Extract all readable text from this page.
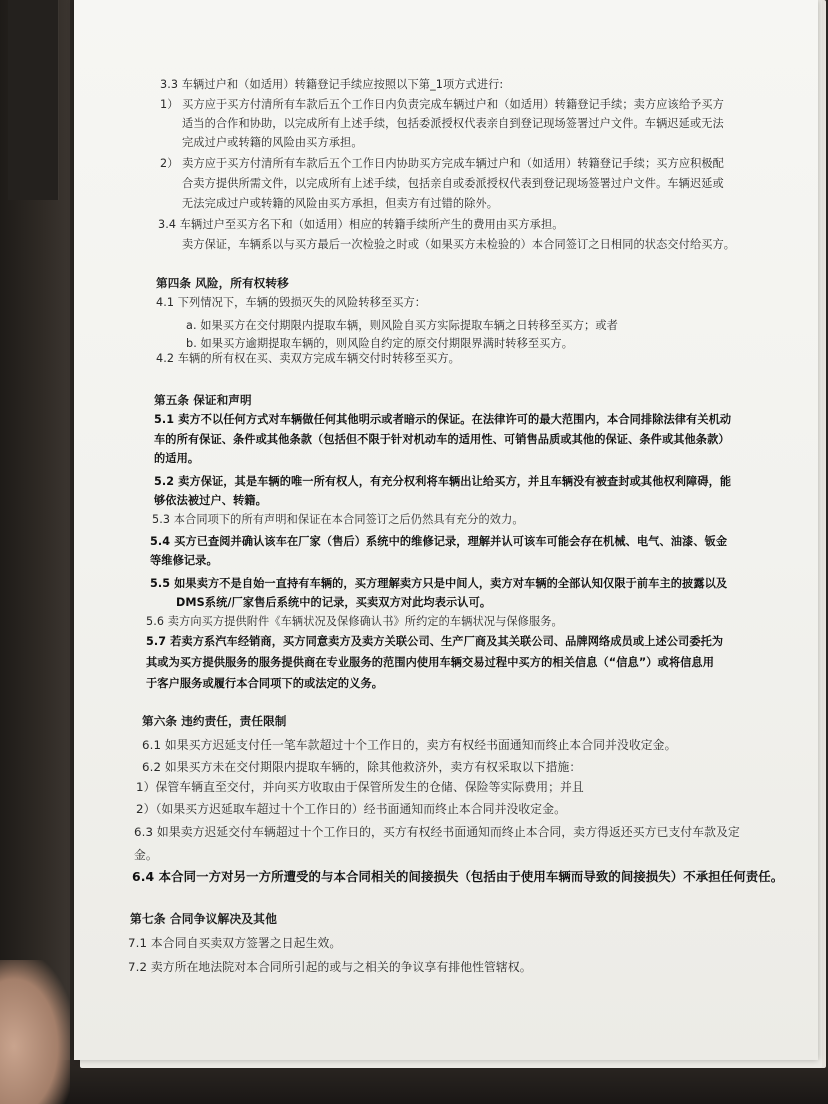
3.3 车辆过户和（如适用）转籍登记手续应按照以下第_1项方式进行:
1） 买方应于买方付清所有车款后五个工作日内负责完成车辆过户和（如适用）转籍登记手续；卖方应该给予买方
适当的合作和协助，以完成所有上述手续，包括委派授权代表亲自到登记现场签署过户文件。车辆迟延或无法
完成过户或转籍的风险由买方承担。
2） 卖方应于买方付清所有车款后五个工作日内协助买方完成车辆过户和（如适用）转籍登记手续；买方应积极配
合卖方提供所需文件，以完成所有上述手续，包括亲自或委派授权代表到登记现场签署过户文件。车辆迟延或
无法完成过户或转籍的风险由买方承担，但卖方有过错的除外。
3.4 车辆过户至买方名下和（如适用）相应的转籍手续所产生的费用由买方承担。
卖方保证，车辆系以与买方最后一次检验之时或（如果买方未检验的）本合同签订之日相同的状态交付给买方。
第四条 风险，所有权转移
4.1 下列情况下，车辆的毁损灭失的风险转移至买方：
a. 如果买方在交付期限内提取车辆，则风险自买方实际提取车辆之日转移至买方；或者
b. 如果买方逾期提取车辆的，则风险自约定的原交付期限界满时转移至买方。
4.2 车辆的所有权在买、卖双方完成车辆交付时转移至买方。
第五条 保证和声明
5.1 卖方不以任何方式对车辆做任何其他明示或者暗示的保证。在法律许可的最大范围内，本合同排除法律有关机动
车的所有保证、条件或其他条款（包括但不限于针对机动车的适用性、可销售品质或其他的保证、条件或其他条款）
的适用。
5.2 卖方保证，其是车辆的唯一所有权人，有充分权利将车辆出让给买方，并且车辆没有被查封或其他权利障碍，能
够依法被过户、转籍。
5.3 本合同项下的所有声明和保证在本合同签订之后仍然具有充分的效力。
5.4 买方已查阅并确认该车在厂家（售后）系统中的维修记录，理解并认可该车可能会存在机械、电气、油漆、钣金
等维修记录。
5.5 如果卖方不是自始一直持有车辆的，买方理解卖方只是中间人，卖方对车辆的全部认知仅限于前车主的披露以及
DMS系统/厂家售后系统中的记录，买卖双方对此均表示认可。
5.6 卖方向买方提供附件《车辆状况及保修确认书》所约定的车辆状况与保修服务。
5.7 若卖方系汽车经销商，买方同意卖方及卖方关联公司、生产厂商及其关联公司、品牌网络成员或上述公司委托为
其或为买方提供服务的服务提供商在专业服务的范围内使用车辆交易过程中买方的相关信息（“信息”）或将信息用
于客户服务或履行本合同项下的或法定的义务。
第六条 违约责任，责任限制
6.1 如果买方迟延支付任一笔车款超过十个工作日的，卖方有权经书面通知而终止本合同并没收定金。
6.2 如果买方未在交付期限内提取车辆的，除其他救济外，卖方有权采取以下措施：
1）保管车辆直至交付，并向买方收取由于保管所发生的仓储、保险等实际费用；并且
2）（如果买方迟延取车超过十个工作日的）经书面通知而终止本合同并没收定金。
6.3 如果卖方迟延交付车辆超过十个工作日的，买方有权经书面通知而终止本合同，卖方得返还买方已支付车款及定
金。
6.4 本合同一方对另一方所遭受的与本合同相关的间接损失（包括由于使用车辆而导致的间接损失）不承担任何责任。
第七条 合同争议解决及其他
7.1 本合同自买卖双方签署之日起生效。
7.2 卖方所在地法院对本合同所引起的或与之相关的争议享有排他性管辖权。
